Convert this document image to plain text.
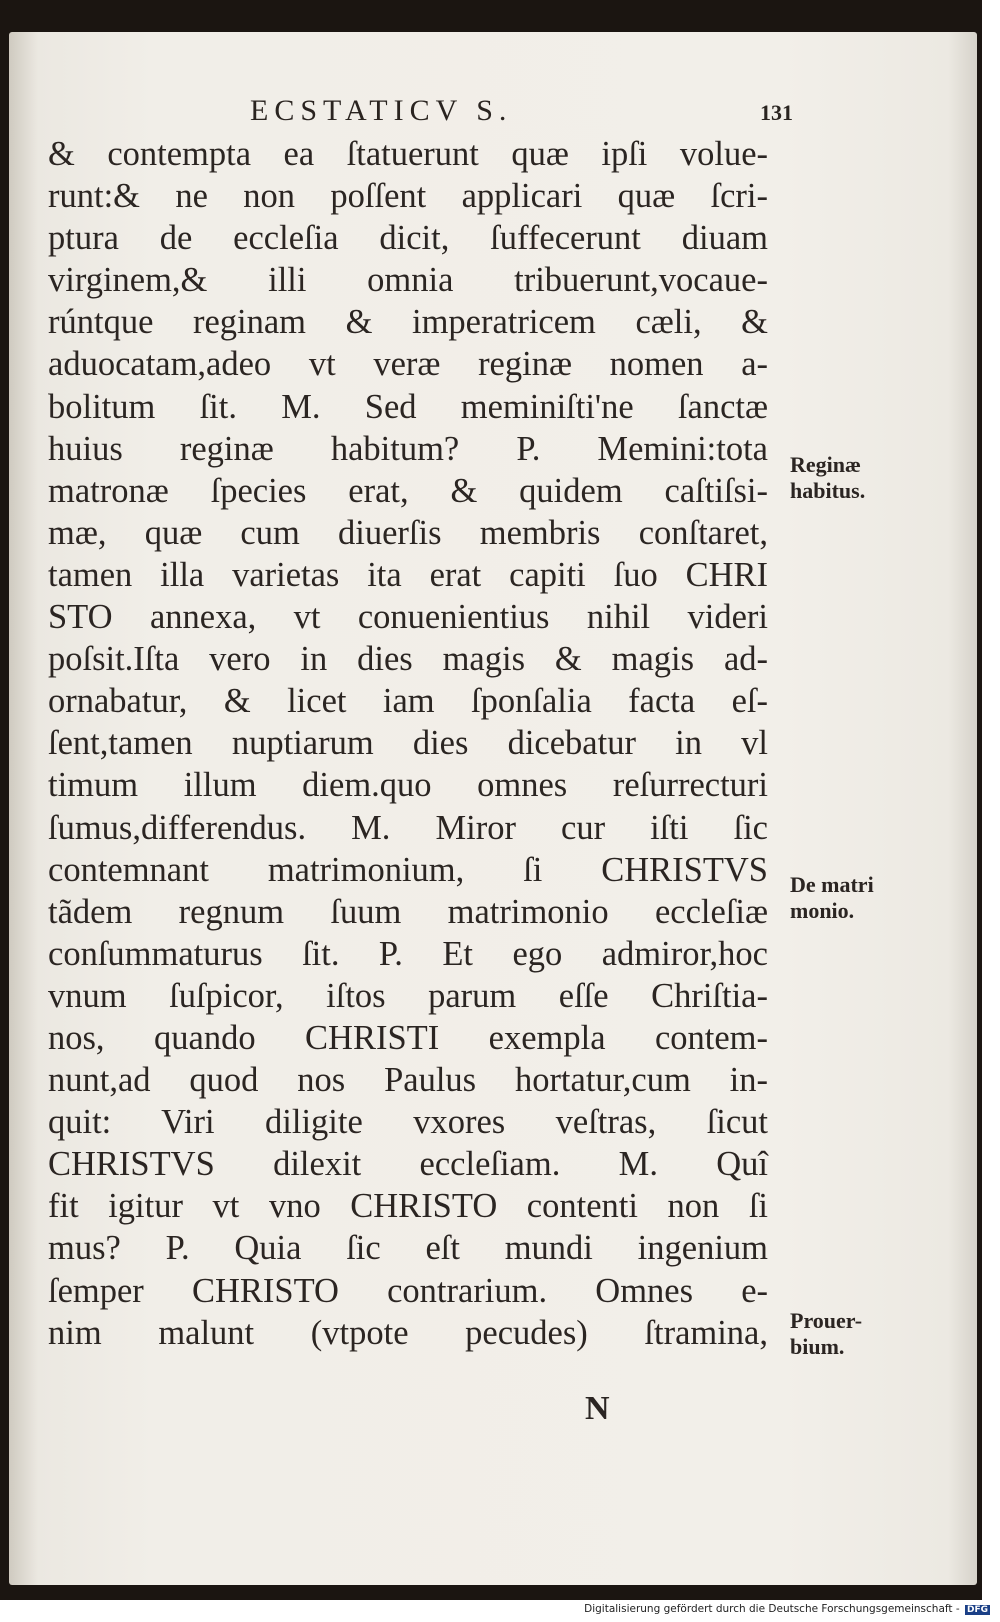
ECSTATICV S.	131
& contempta ea ſtatuerunt quæ ipſi volue-
runt:& ne non poſſent applicari quæ ſcri-
ptura de eccleſia dicit, ſuffecerunt diuam
virginem,& illi omnia tribuerunt,vocaue-
rúntque reginam & imperatricem cæli, &
aduocatam,adeo vt veræ reginæ nomen a-
bolitum ſit. M. Sed meminiſti'ne ſanctæ
huius reginæ habitum? P. Memini:tota
matronæ ſpecies erat, & quidem caſtiſsi-
mæ, quæ cum diuerſis membris conſtaret,
tamen illa varietas ita erat capiti ſuo CHRI
STO annexa, vt conuenientius nihil videri
poſsit.Iſta vero in dies magis & magis ad-
ornabatur, & licet iam ſponſalia facta eſ-
ſent,tamen nuptiarum dies dicebatur in vl
timum illum diem.quo omnes reſurrecturi
ſumus,differendus. M. Miror cur iſti ſic
contemnant matrimonium, ſi CHRISTVS
tãdem regnum ſuum matrimonio eccleſiæ
conſummaturus ſit. P. Et ego admiror,hoc
vnum ſuſpicor, iſtos parum eſſe Chriſtia-
nos, quando CHRISTI exempla contem-
nunt,ad quod nos Paulus hortatur,cum in-
quit: Viri diligite vxores veſtras, ſicut
CHRISTVS dilexit eccleſiam. M. Quî
fit igitur vt vno CHRISTO contenti non ſi
mus? P. Quia ſic eſt mundi ingenium
ſemper CHRISTO contrarium. Omnes e-
nim malunt (vtpote pecudes) ſtramina,
Reginæ
habitus.
De matri
monio.
Prouer-
bium.
N
Digitalisierung gefördert durch die Deutsche Forschungsgemeinschaft - DFG
